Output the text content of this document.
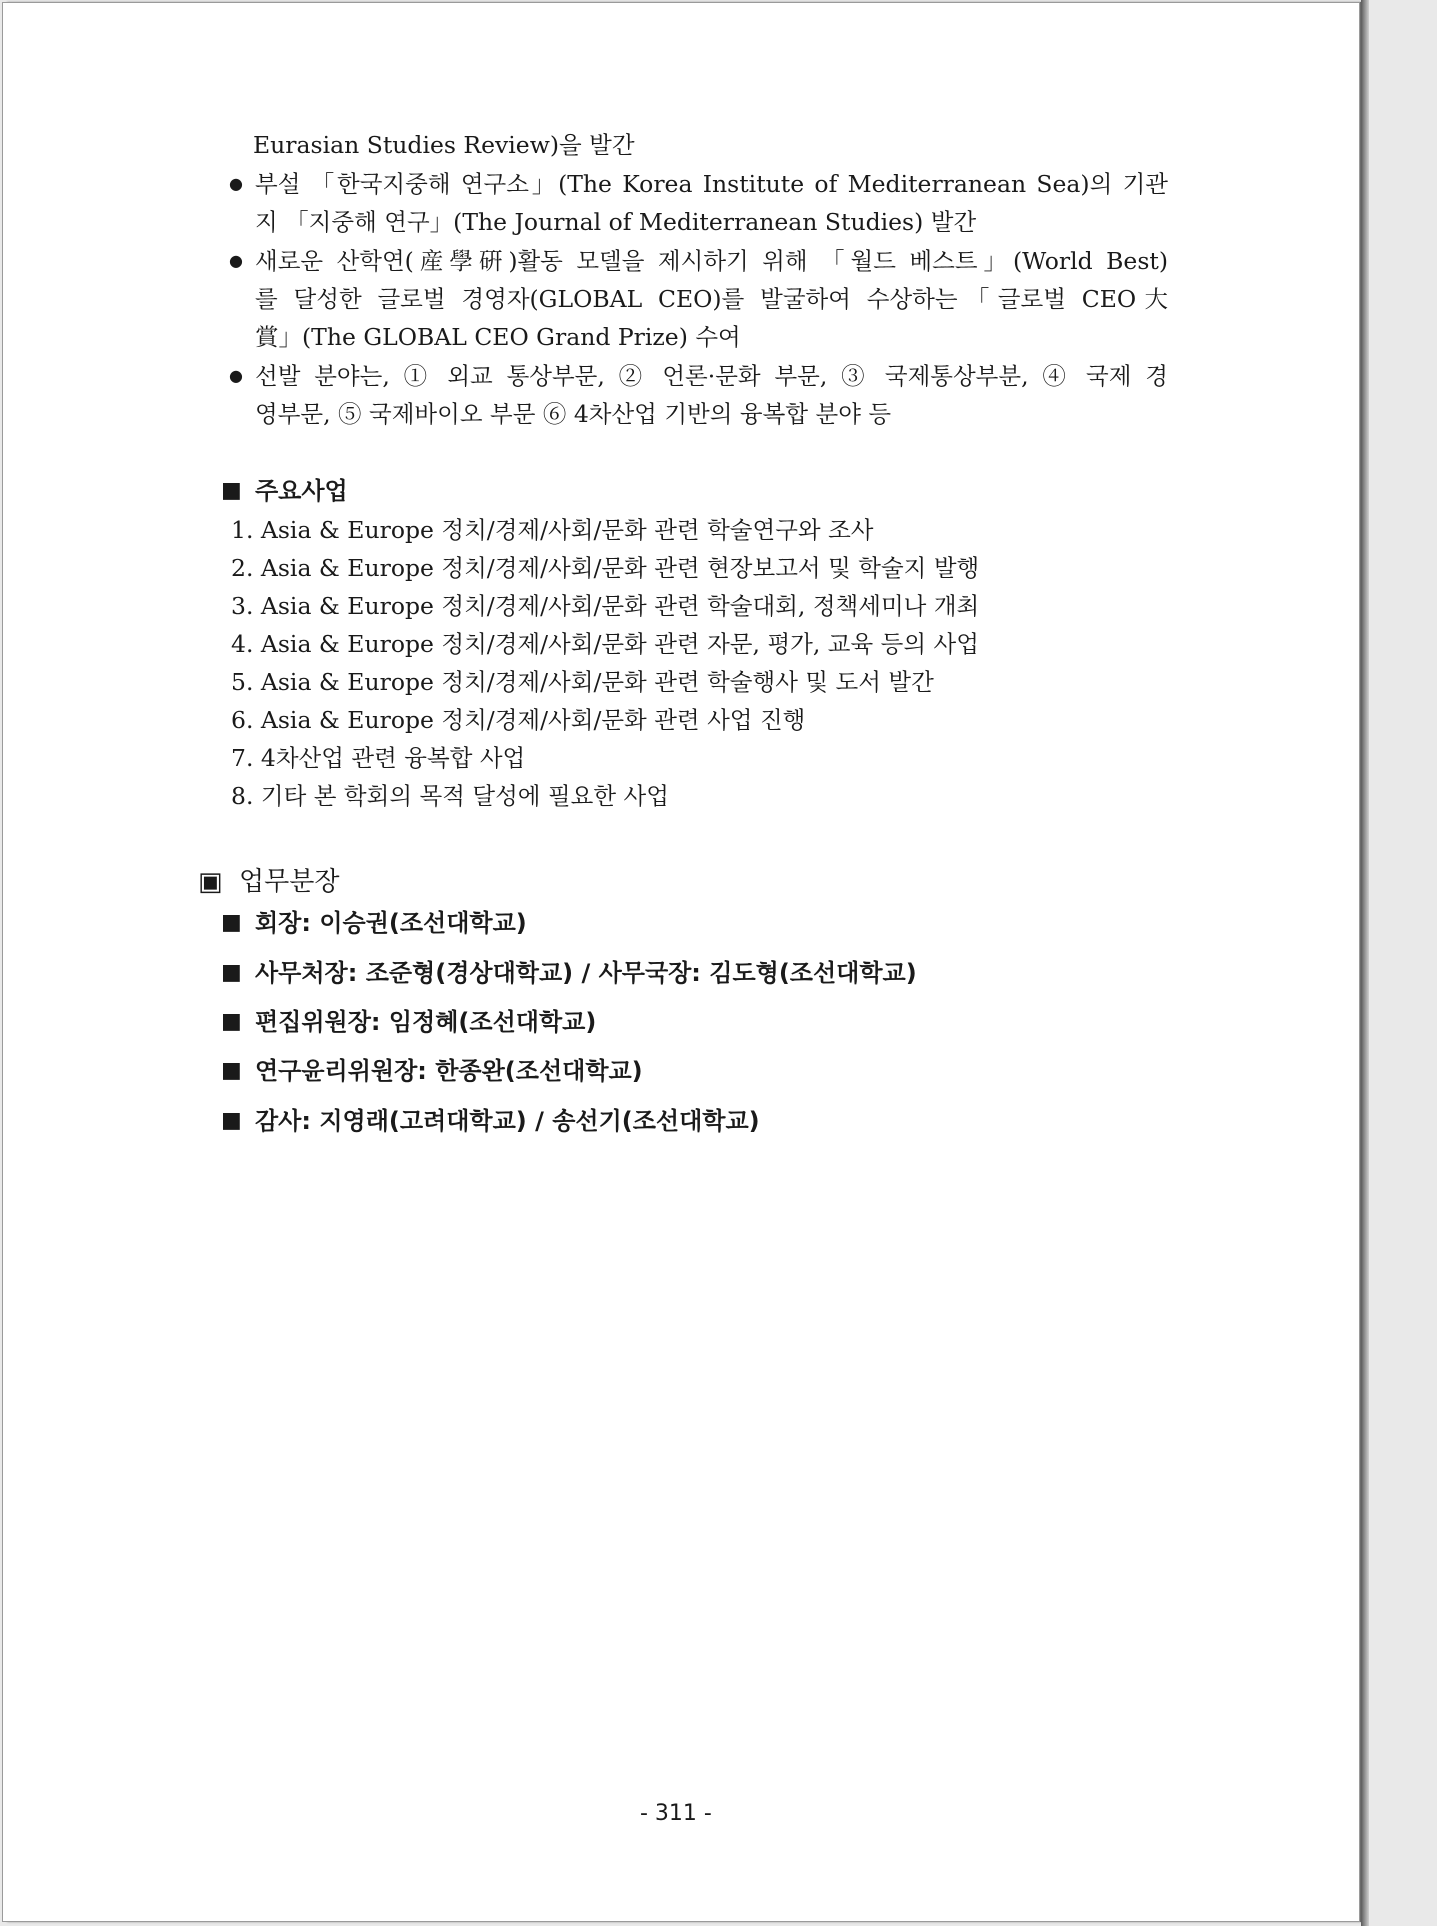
Eurasian Studies Review)을 발간
● 부설 「한국지중해 연구소」(The Korea Institute of Mediterranean Sea)의 기관
지 「지중해 연구」(The Journal of Mediterranean Studies) 발간
● 새로운 산학연(産學硏)활동 모델을 제시하기 위해 「월드 베스트」(World Best)
를 달성한 글로벌 경영자(GLOBAL CEO)를 발굴하여 수상하는「글로벌 CEO大
賞」(The GLOBAL CEO Grand Prize) 수여
● 선발 분야는, ① 외교 통상부문, ② 언론·문화 부문, ③ 국제통상부분, ④ 국제 경
영부문, ⑤ 국제바이오 부문 ⑥ 4차산업 기반의 융복합 분야 등
■ 주요사업
1. Asia & Europe 정치/경제/사회/문화 관련 학술연구와 조사
2. Asia & Europe 정치/경제/사회/문화 관련 현장보고서 및 학술지 발행
3. Asia & Europe 정치/경제/사회/문화 관련 학술대회, 정책세미나 개최
4. Asia & Europe 정치/경제/사회/문화 관련 자문, 평가, 교육 등의 사업
5. Asia & Europe 정치/경제/사회/문화 관련 학술행사 및 도서 발간
6. Asia & Europe 정치/경제/사회/문화 관련 사업 진행
7. 4차산업 관련 융복합 사업
8. 기타 본 학회의 목적 달성에 필요한 사업
▣ 업무분장
■ 회장: 이승권(조선대학교)
■ 사무처장: 조준형(경상대학교) / 사무국장: 김도형(조선대학교)
■ 편집위원장: 임정혜(조선대학교)
■ 연구윤리위원장: 한종완(조선대학교)
■ 감사: 지영래(고려대학교) / 송선기(조선대학교)
- 311 -
